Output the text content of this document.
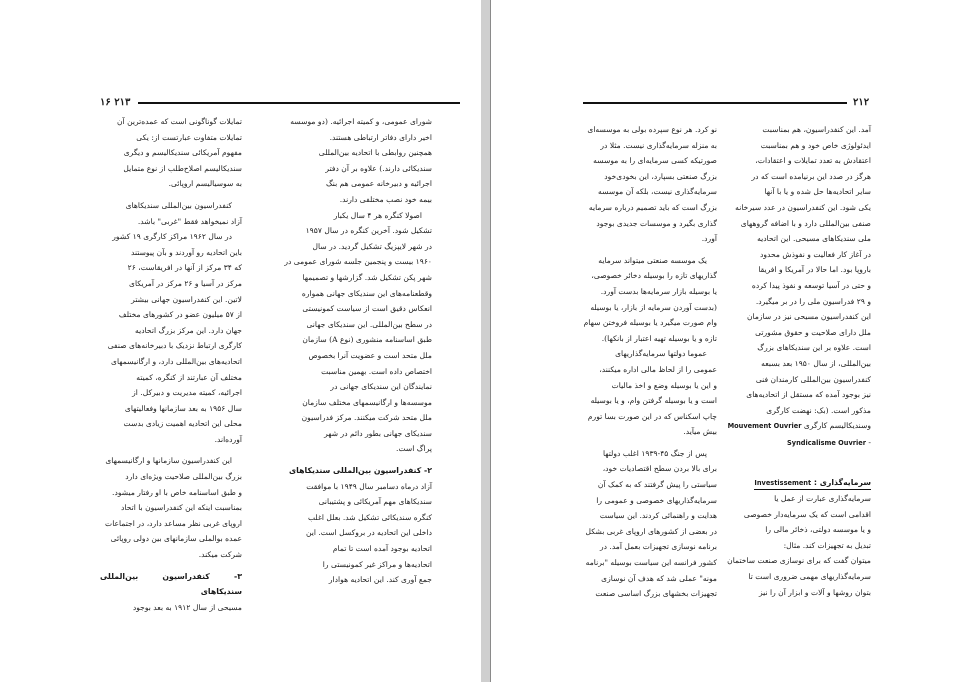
۱۶ ۲۱۳

شورای عمومی، و کمیته اجرائیه. (دو موسسه

اخیر دارای دفاتر ارتباطی هستند.

همچنین روابطی با اتحادیه بین‌المللی

سندیکائی دارند.) علاوه بر آن دفتر

اجرائیه و دبیرخانه عمومی هم بنگ

بیمه خود نصب مختلفی دارند.

اصولا کنگره هر ۴ سال یکبار

تشکیل شود. آخرین کنگره در سال ۱۹۵۷

در شهر لایپزیگ تشکیل گردید. در سال

۱۹۶۰ بیست و پنجمین جلسه شورای عمومی در

شهر پکن تشکیل شد. گزارشها و تصمیمها

وقطعنامه‌های این سندیکای جهانی همواره

انعکاس دقیق است از سیاست کمونیستی

در سطح بین‌المللی. این سندیکای جهانی

طبق اساسنامه منشوری (نوع A) سازمان

ملل متحد است و عضویت آنرا بخصوص

اختصاص داده است. بهمین مناسبت

نمایندگان این سندیکای جهانی در

موسسه‌ها و ارگانیسمهای مختلف سازمان

ملل متحد شرکت میکنند. مرکز فدراسیون

سندیکای جهانی بطور دائم در شهر

پراگ است.

۲- کنفدراسیون بین‌المللی سندیکاهای

آزاد درماه دسامبر سال ۱۹۴۹ با موافقت

سندیکاهای مهم آمریکائی و پشتیبانی

کنگره سندیکائی تشکیل شد. بعلل اغلب

داخلی این اتحادیه در بروکسل است. این

اتحادیه بوجود آمده است تا تمام

اتحادیه‌ها و مراکز غیر کمونیستی را

جمع آوری کند. این اتحادیه هوادار

تمایلات گوناگونی است که عمده‌ترین آن

تمایلات متفاوت عبارتست از: یکی

مفهوم آمریکائی سندیکالیسم و دیگری

سندیکالیسم اصلاح‌طلب از نوع متمایل

به سوسیالیسم اروپائی.

کنفدراسیون بین‌المللی سندیکاهای

آزاد نمیخواهد فقط "غربی" باشد.

در سال ۱۹۶۲ مراکز کارگری ۱۹ کشور

باین اتحادیه رو آوردند و بآن پیوستند

که ۳۴ مرکز از آنها در افریقاست، ۲۶

مرکز در آسیا و ۲۶ مرکز در آمریکای

لاتین. این کنفدراسیون جهانی بیشتر

از ۵۷ میلیون عضو در کشورهای مختلف

جهان دارد. این مرکز بزرگ اتحادیه

کارگری ارتباط نزدیک با دبیرخانه‌های صنفی

اتحادیه‌های بین‌المللی دارد، و ارگانیسمهای

مختلف آن عبارتند از کنگره، کمیته

اجرائیه، کمیته مدیریت و دبیرکل. از

سال ۱۹۵۶ به بعد سازمانها وفعالیتهای

محلی این اتحادیه اهمیت زیادی بدست

آورده‌اند.

این کنفدراسیون سازمانها و ارگانیسمهای

بزرگ بین‌المللی صلاحیت ویژه‌ای دارد

و طبق اساسنامه خاص با او رفتار میشود.

بمناسبت اینکه این کنفدراسیون با اتحاد

اروپای غربی نظر مساعد دارد، در اجتماعات

عمده بوالملی سازمانهای بین دولی روپائی

شرکت میکند.

۳- کنفدراسیون بین‌المللی سندیکاهای

مسیحی از سال ۱۹۱۲ به بعد بوجود

۲۱۲

آمد. این کنفدراسیون، هم بمناسبت

ایدئولوژی خاص خود و هم بمناسبت

اعتقادش به تعدد تمایلات و اعتقادات،

هرگز در صدد این برنیامده است که در

سایر اتحادیه‌ها حل شده و یا با آنها

یکی شود. این کنفدراسیون در عدد سیرخانه

صنفی بین‌المللی دارد و با اضافه گروههای

ملی سندیکاهای مسیحی. این اتحادیه

در آغاز کار فعالیت و نفوذش محدود

باروپا بود. اما حالا در آمریکا و افریقا

و حتی در آسیا توسعه و نفوذ پیدا کرده

و ۲۹ فدراسیون ملی را در بر میگیرد.

این کنفدراسیون مسیحی نیز در سازمان

ملل دارای صلاحیت و حقوق مشورتی

است. علاوه بر این سندیکاهای بزرگ

بین‌المللی، از سال ۱۹۵۰ بعد بسبعه

کنفدراسیون بین‌المللی کارمندان فنی

نیز بوجود آمده که مستقل از اتحادیه‌های

مذکور است. (بک: نهضت کارگری

وسندیکالیسم کارگری Mouvement Ouvrier

- Syndicalisme Ouvrier

سرمایه‌گذاری : Investissement

سرمایه‌گذاری عبارت از عمل یا

اقدامی است که یک سرمایه‌دار خصوصی

و یا موسسه دولتی، ذخائر مالی را

تبدیل به تجهیزات کند. مثال:

میتوان گفت که برای نوسازی صنعت ساختمان

سرمایه‌گذاریهای مهمی ضروری است تا

بتوان روشها و آلات و ابزار آن را نیز

نو کرد. هر نوع سپرده‌ بولی به موسسه‌ای

به منزله سرمایه‌گذاری نیست. مثلا در

صورتیکه کسی سرمایه‌ای را به موسسه

بزرگ صنعتی بسپارد، این بخودی‌خود

سرمایه‌گذاری نیست، بلکه آن موسسه

بزرگ است که باید تصمیم درباره سرمایه

گذاری بگیرد و موسسات جدیدی بوجود

آورد.

یک موسسه صنعتی میتواند سرمایه

گذاریهای تازه را بوسیله دخائر خصوصی،

یا بوسیله بازار سرمایه‌ها بدست آورد.

(بدست آوردن سرمایه از بازار، یا بوسیله

وام صورت میگیرد یا بوسیله فروختن سهام

تازه و یا بوسیله تهیه اعتبار از بانکها).

عموما دولتها سرمایه‌گذاریهای

عمومی را از لحاظ مالی اداره میکنند،

و این یا بوسیله وضع و اخذ مالیات

است و یا بوسیله گرفتن وام، و یا بوسیله

چاپ اسکناس که در این صورت بسا تورم

بیش میآید.

پس از جنگ ۴۵-۱۹۳۹ اغلب دولتها

برای بالا بردن سطح اقتصادیات خود،

سیاستی را پیش گرفتند که به کمک آن

سرمایه‌گذاریهای خصوصی و عمومی را

هدایت و راهنمائی کردند. این سیاست

در بعضی از کشورهای اروپای غربی بشکل

برنامه نوسازی تجهیزات بعمل آمد. در

کشور فرانسه این سیاست بوسیله "برنامه

مونه" عملی شد که هدف آن نوسازی

تجهیزات بخشهای بزرگ اساسی صنعت
